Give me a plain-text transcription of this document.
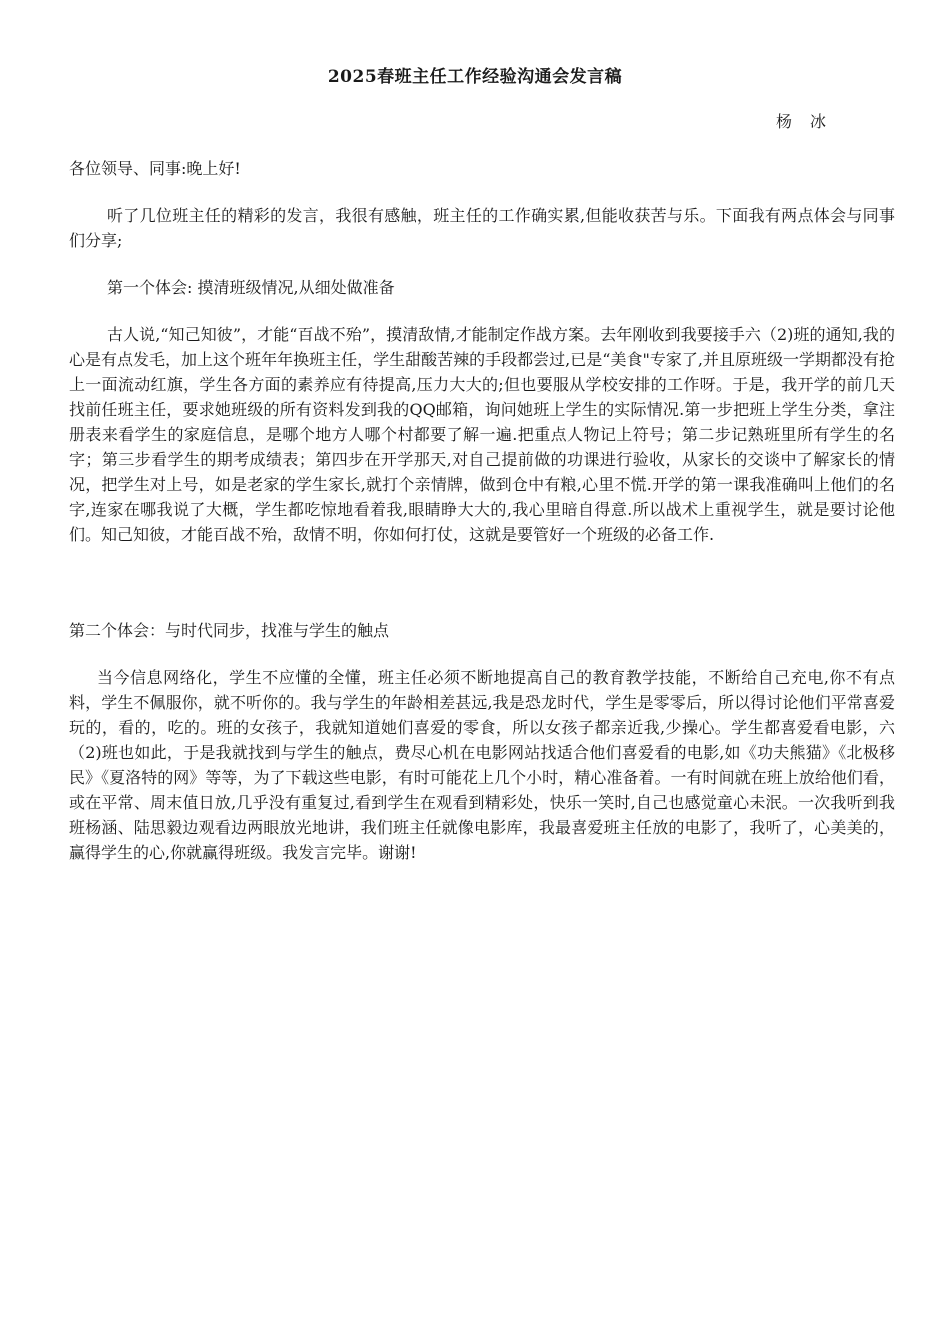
2025春班主任工作经验沟通会发言稿
杨冰
各位领导、同事:晚上好!
听了几位班主任的精彩的发言，我很有感触，班主任的工作确实累,但能收获苦与乐。下面我有两点体会与同事们分享;
第一个体会: 摸清班级情况,从细处做准备
古人说,“知己知彼”，才能“百战不殆”，摸清敌情,才能制定作战方案。去年刚收到我要接手六（2)班的通知,我的心是有点发毛，加上这个班年年换班主任，学生甜酸苦辣的手段都尝过,已是“美食"专家了,并且原班级一学期都没有抢上一面流动红旗，学生各方面的素养应有待提高,压力大大的;但也要服从学校安排的工作呀。于是，我开学的前几天找前任班主任，要求她班级的所有资料发到我的QQ邮箱，询问她班上学生的实际情况.第一步把班上学生分类，拿注册表来看学生的家庭信息，是哪个地方人哪个村都要了解一遍.把重点人物记上符号；第二步记熟班里所有学生的名字；第三步看学生的期考成绩表；第四步在开学那天,对自己提前做的功课进行验收，从家长的交谈中了解家长的情况，把学生对上号，如是老家的学生家长,就打个亲情牌，做到仓中有粮,心里不慌.开学的第一课我准确叫上他们的名字,连家在哪我说了大概，学生都吃惊地看着我,眼睛睁大大的,我心里暗自得意.所以战术上重视学生，就是要讨论他们。知己知彼，才能百战不殆，敌情不明，你如何打仗，这就是要管好一个班级的必备工作.
第二个体会：与时代同步，找准与学生的触点
当今信息网络化，学生不应懂的全懂，班主任必须不断地提高自己的教育教学技能，不断给自己充电,你不有点料，学生不佩服你，就不听你的。我与学生的年龄相差甚远,我是恐龙时代，学生是零零后，所以得讨论他们平常喜爱玩的，看的，吃的。班的女孩子，我就知道她们喜爱的零食，所以女孩子都亲近我,少操心。学生都喜爱看电影，六（2)班也如此，于是我就找到与学生的触点，费尽心机在电影网站找适合他们喜爱看的电影,如《功夫熊猫》《北极移民》《夏洛特的网》等等，为了下载这些电影，有时可能花上几个小时，精心准备着。一有时间就在班上放给他们看，或在平常、周末值日放,几乎没有重复过,看到学生在观看到精彩处，快乐一笑时,自己也感觉童心未泯。一次我听到我班杨涵、陆思毅边观看边两眼放光地讲，我们班主任就像电影库，我最喜爱班主任放的电影了，我听了，心美美的，赢得学生的心,你就赢得班级。我发言完毕。谢谢!
